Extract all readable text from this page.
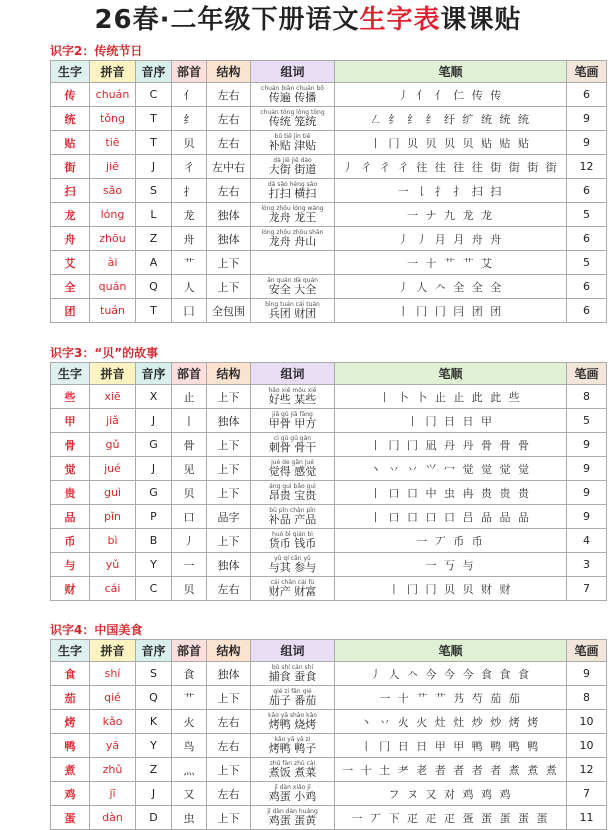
26春·二年级下册语文生字表课课贴
识字2：传统节日
生字	拼音	音序	部首	结构	组词	笔顺	笔画
传	chuán	C	亻	左右	chuán biàn chuán bō
传遍 传播	丿 亻 亻 仁 传 传	6
统	tǒng	T	纟	左右	chuán tǒng lǒng tǒng
传统 笼统	㇜ 纟 纟 纟 纡 纩 统 统 统	9
贴	tiē	T	贝	左右	bǔ tiē jīn tiē
补贴 津贴	丨 冂 贝 贝 贝 贝 贴 贴 贴	9
街	jiē	J	彳	左中右	dà jiē jiē dào
大街 街道	丿 彳 彳 彳 往 往 往 往 街 街 街 街	12
扫	sǎo	S	扌	左右	dǎ sǎo héng sǎo
打扫 横扫	一 𠄌 扌 扌 扫 扫	6
龙	lóng	L	龙	独体	lóng zhōu lóng wáng
龙舟 龙王	一 ナ 九 龙 龙	5
舟	zhōu	Z	舟	独体	lóng zhōu zhōu shān
龙舟 舟山	丿 丿 月 月 舟 舟	6
艾	ài	A	艹	上下		一 十 艹 艹 艾	5
全	quán	Q	人	上下	ān quán dà quán
安全 大全	丿 人 𠆢 全 全 全	6
团	tuán	T	囗	全包围	bīng tuán cái tuán
兵团 财团	丨 冂 冂 冃 团 团	6
识字3：“贝”的故事
生字	拼音	音序	部首	结构	组词	笔顺	笔画
些	xiē	X	止	上下	hǎo xiē mǒu xiē
好些 某些	丨 卜 卜 止 止 此 此 些	8
甲	jiǎ	J	丨	独体	jiǎ gǔ jiǎ fāng
甲骨 甲方	丨 冂 日 日 甲	5
骨	gǔ	G	骨	上下	cì gǔ gǔ gàn
刺骨 骨干	丨 冂 冂 凪 丹 丹 骨 骨 骨	9
觉	jué	J	见	上下	jué de gǎn jué
觉得 感觉	丶 丷 丷 ⺍ 冖 觉 觉 觉 觉	9
贵	guì	G	贝	上下	áng guì bǎo guì
昂贵 宝贵	丨 口 口 中 虫 冉 贵 贵 贵	9
品	pǐn	P	口	品字	bǔ pǐn chǎn pǐn
补品 产品	丨 口 口 口 口 吕 品 品 品	9
币	bì	B	丿	上下	huò bì qián bì
货币 钱币	一 丆 币 币	4
与	yǔ	Y	一	独体	yǔ qí cān yǔ
与其 参与	一 丂 与	3
财	cái	C	贝	左右	cái chǎn cái fù
财产 财富	丨 冂 冂 贝 贝 财 财	7
识字4：中国美食
生字	拼音	音序	部首	结构	组词	笔顺	笔画
食	shí	S	食	独体	bǔ shí cán shí
捕食 蚕食	丿 人 𠆢 今 今 今 食 食 食	9
茄	qié	Q	艹	上下	qié zi fān qié
茄子 番茄	一 十 艹 艹 艿 芍 茄 茄	8
烤	kǎo	K	火	左右	kǎo yā shāo kǎo
烤鸭 烧烤	丶 丷 火 火 灶 灶 炒 炒 烤 烤	10
鸭	yā	Y	鸟	左右	kǎo yā yā zi
烤鸭 鸭子	丨 冂 日 日 甲 甲 鸭 鸭 鸭 鸭	10
煮	zhǔ	Z	灬	上下	zhǔ fàn zhǔ cài
煮饭 煮菜	一 十 土 耂 老 者 者 者 者 煮 煮 煮	12
鸡	jī	J	又	左右	jī dàn xiǎo jī
鸡蛋 小鸡	フ ヌ 又 对 鸡 鸡 鸡	7
蛋	dàn	D	虫	上下	jī dàn dàn huáng
鸡蛋 蛋黄	一 丆 下 疋 疋 疋 疍 蛋 蛋 蛋 蛋	11
